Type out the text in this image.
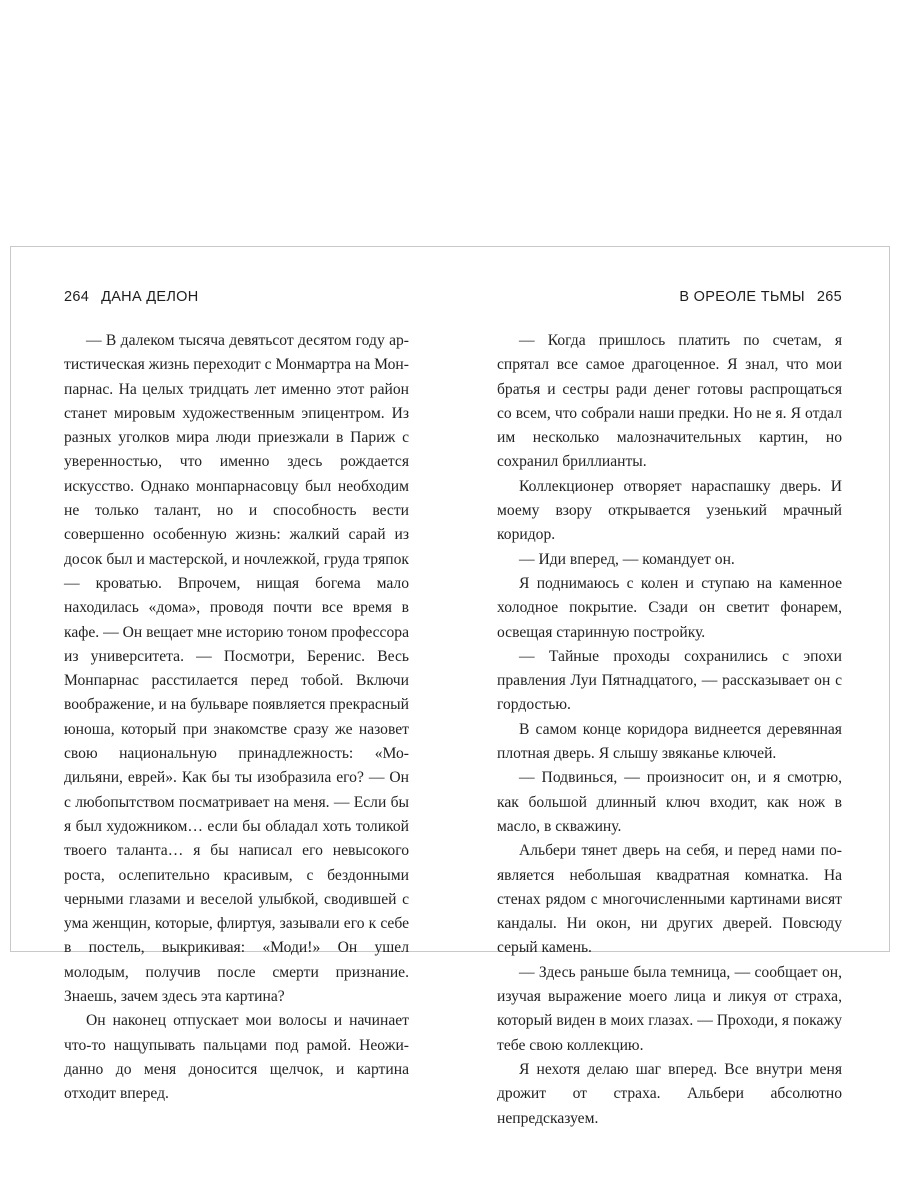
264 ДАНА ДЕЛОН

— В далеком тысяча девятьсот десятом году артистическая жизнь переходит с Монмартра на Монпарнас. На целых тридцать лет именно этот район станет мировым художественным эпицентром. Из разных уголков мира люди приезжали в Париж с уверенностью, что именно здесь рождается искусство. Однако монпарнасовцу был необходим не только талант, но и способность вести совершенно особенную жизнь: жалкий сарай из досок был и мастерской, и ночлежкой, груда тряпок — кроватью. Впрочем, нищая богема мало находилась «дома», проводя почти все время в кафе. — Он вещает мне историю тоном профессора из университета. — Посмотри, Беренис. Весь Монпарнас расстилается перед тобой. Включи воображение, и на бульваре появляется прекрасный юноша, который при знакомстве сразу же назовет свою национальную принадлежность: «Модильяни, еврей». Как бы ты изобразила его? — Он с любопытством посматривает на меня. — Если бы я был художником… если бы обладал хоть толикой твоего таланта… я бы написал его невысокого роста, ослепительно красивым, с бездонными черными глазами и веселой улыбкой, сводившей с ума женщин, которые, флиртуя, зазывали его к себе в постель, выкрикивая: «Моди!» Он ушел молодым, получив после смерти признание. Знаешь, зачем здесь эта картина?

Он наконец отпускает мои волосы и начинает что-то нащупывать пальцами под рамой. Неожиданно до меня доносится щелчок, и картина отходит вперед.

В ОРЕОЛЕ ТЬМЫ 265

— Когда пришлось платить по счетам, я спрятал все самое драгоценное. Я знал, что мои братья и сестры ради денег готовы распрощаться со всем, что собрали наши предки. Но не я. Я отдал им несколько малозначительных картин, но сохранил бриллианты.

Коллекционер отворяет нараспашку дверь. И моему взору открывается узенький мрачный коридор.

— Иди вперед, — командует он.

Я поднимаюсь с колен и ступаю на каменное холодное покрытие. Сзади он светит фонарем, освещая старинную постройку.

— Тайные проходы сохранились с эпохи правления Луи Пятнадцатого, — рассказывает он с гордостью.

В самом конце коридора виднеется деревянная плотная дверь. Я слышу звяканье ключей.

— Подвинься, — произносит он, и я смотрю, как большой длинный ключ входит, как нож в масло, в скважину.

Альбери тянет дверь на себя, и перед нами появляется небольшая квадратная комнатка. На стенах рядом с многочисленными картинами висят кандалы. Ни окон, ни других дверей. Повсюду серый камень.

— Здесь раньше была темница, — сообщает он, изучая выражение моего лица и ликуя от страха, который виден в моих глазах. — Проходи, я покажу тебе свою коллекцию.

Я нехотя делаю шаг вперед. Все внутри меня дрожит от страха. Альбери абсолютно непредсказуем.
